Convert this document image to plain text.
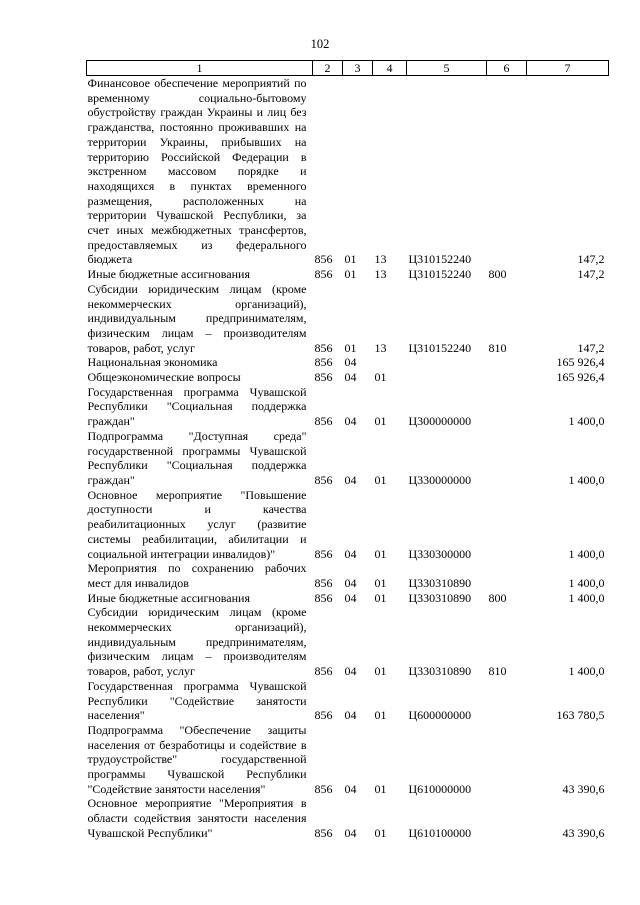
102
1	2	3	4	5	6	7
Финансовое обеспечение мероприятий по временному социально-бытовому обустройству граждан Украины и лиц без гражданства, постоянно проживавших на территории Украины, прибывших на территорию Российской Федерации в экстренном массовом порядке и находящихся в пунктах временного размещения, расположенных на территории Чувашской Республики, за счет иных межбюджетных трансфертов, предоставляемых из федерального бюджета	856	01	13	Ц310152240		147,2
Иные бюджетные ассигнования	856	01	13	Ц310152240	800	147,2
Субсидии юридическим лицам (кроме некоммерческих организаций), индивидуальным предпринимателям, физическим лицам – производителям товаров, работ, услуг	856	01	13	Ц310152240	810	147,2
Национальная экономика	856	04				165 926,4
Общеэкономические вопросы	856	04	01			165 926,4
Государственная программа Чувашской Республики "Социальная поддержка граждан"	856	04	01	Ц300000000		1 400,0
Подпрограмма "Доступная среда" государственной программы Чувашской Республики "Социальная поддержка граждан"	856	04	01	Ц330000000		1 400,0
Основное мероприятие "Повышение доступности и качества реабилитационных услуг (развитие системы реабилитации, абилитации и социальной интеграции инвалидов)"	856	04	01	Ц330300000		1 400,0
Мероприятия по сохранению рабочих мест для инвалидов	856	04	01	Ц330310890		1 400,0
Иные бюджетные ассигнования	856	04	01	Ц330310890	800	1 400,0
Субсидии юридическим лицам (кроме некоммерческих организаций), индивидуальным предпринимателям, физическим лицам – производителям товаров, работ, услуг	856	04	01	Ц330310890	810	1 400,0
Государственная программа Чувашской Республики "Содействие занятости населения"	856	04	01	Ц600000000		163 780,5
Подпрограмма "Обеспечение защиты населения от безработицы и содействие в трудоустройстве" государственной программы Чувашской Республики "Содействие занятости населения"	856	04	01	Ц610000000		43 390,6
Основное мероприятие "Мероприятия в области содействия занятости населения Чувашской Республики"	856	04	01	Ц610100000		43 390,6
